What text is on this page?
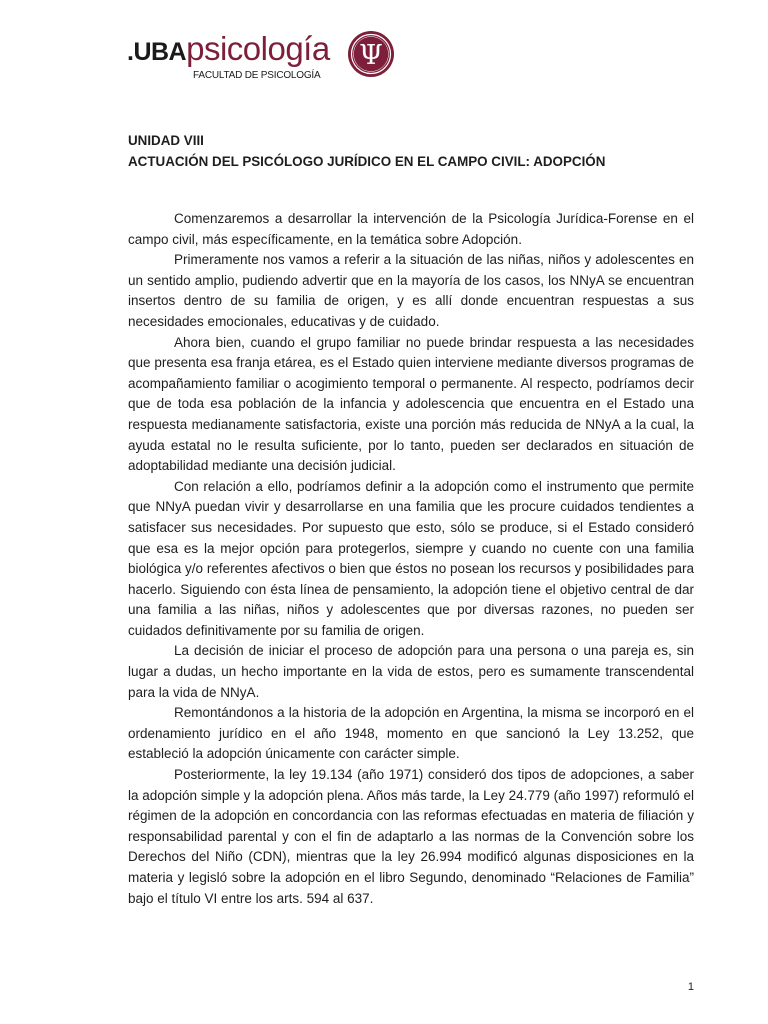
.UBApsicología
FACULTAD DE PSICOLOGÍA
Ψ
UNIDAD VIII
ACTUACIÓN DEL PSICÓLOGO JURÍDICO EN EL CAMPO CIVIL: ADOPCIÓN

Comenzaremos a desarrollar la intervención de la Psicología Jurídica-Forense en el campo civil, más específicamente, en la temática sobre Adopción.

Primeramente nos vamos a referir a la situación de las niñas, niños y adolescentes en un sentido amplio, pudiendo advertir que en la mayoría de los casos, los NNyA se encuentran insertos dentro de su familia de origen, y es allí donde encuentran respuestas a sus necesidades emocionales, educativas y de cuidado.

Ahora bien, cuando el grupo familiar no puede brindar respuesta a las necesidades que presenta esa franja etárea, es el Estado quien interviene mediante diversos programas de acompañamiento familiar o acogimiento temporal o permanente. Al respecto, podríamos decir que de toda esa población de la infancia y adolescencia que encuentra en el Estado una respuesta medianamente satisfactoria, existe una porción más reducida de NNyA a la cual, la ayuda estatal no le resulta suficiente, por lo tanto, pueden ser declarados en situación de adoptabilidad mediante una decisión judicial.

Con relación a ello, podríamos definir a la adopción como el instrumento que permite que NNyA puedan vivir y desarrollarse en una familia que les procure cuidados tendientes a satisfacer sus necesidades. Por supuesto que esto, sólo se produce, si el Estado consideró que esa es la mejor opción para protegerlos, siempre y cuando no cuente con una familia biológica y/o referentes afectivos o bien que éstos no posean los recursos y posibilidades para hacerlo. Siguiendo con ésta línea de pensamiento, la adopción tiene el objetivo central de dar una familia a las niñas, niños y adolescentes que por diversas razones, no pueden ser cuidados definitivamente por su familia de origen.

La decisión de iniciar el proceso de adopción para una persona o una pareja es, sin lugar a dudas, un hecho importante en la vida de estos, pero es sumamente transcendental para la vida de NNyA.

Remontándonos a la historia de la adopción en Argentina, la misma se incorporó en el ordenamiento jurídico en el año 1948, momento en que sancionó la Ley 13.252, que estableció la adopción únicamente con carácter simple.

Posteriormente, la ley 19.134 (año 1971) consideró dos tipos de adopciones, a saber la adopción simple y la adopción plena. Años más tarde, la Ley 24.779 (año 1997) reformuló el régimen de la adopción en concordancia con las reformas efectuadas en materia de filiación y responsabilidad parental y con el fin de adaptarlo a las normas de la Convención sobre los Derechos del Niño (CDN), mientras que la ley 26.994 modificó algunas disposiciones en la materia y legisló sobre la adopción en el libro Segundo, denominado “Relaciones de Familia” bajo el título VI entre los arts. 594 al 637.

1
